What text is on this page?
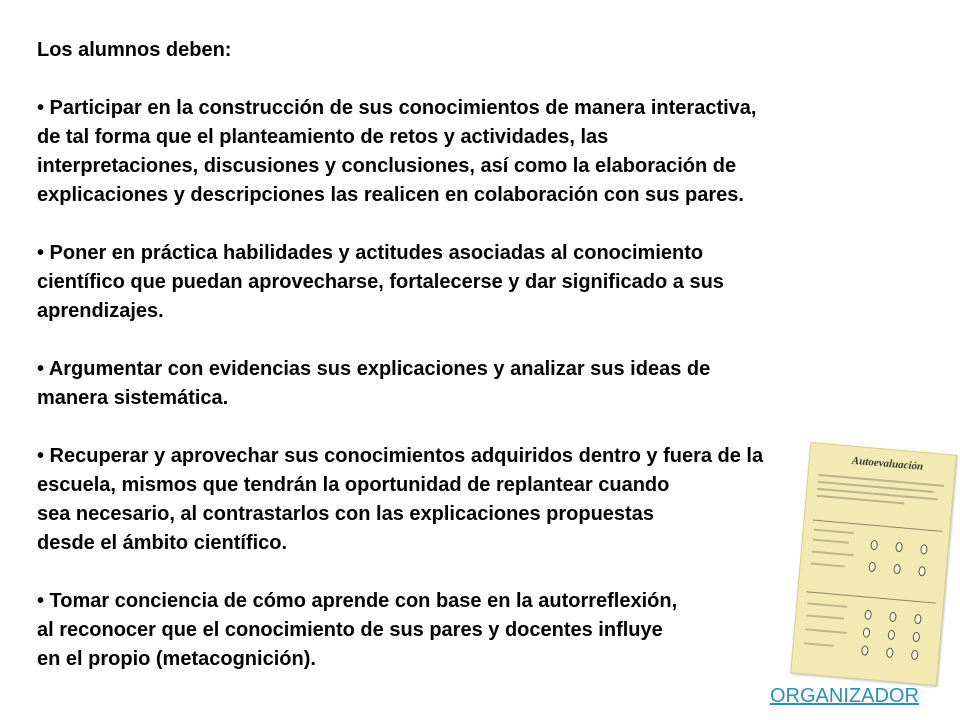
Autoevaluación

Los alumnos deben:

• Participar en la construcción de sus conocimientos de manera interactiva,
de tal forma que el planteamiento de retos y actividades, las
interpretaciones, discusiones y conclusiones, así como la elaboración de
explicaciones y descripciones las realicen en colaboración con sus pares.

• Poner en práctica habilidades y actitudes asociadas al conocimiento
científico que puedan aprovecharse, fortalecerse y dar significado a sus
aprendizajes.

• Argumentar con evidencias sus explicaciones y analizar sus ideas de
manera sistemática.

• Recuperar y aprovechar sus conocimientos adquiridos dentro y fuera de la
escuela, mismos que tendrán la oportunidad de replantear cuando
sea necesario, al contrastarlos con las explicaciones propuestas
desde el ámbito científico.

• Tomar conciencia de cómo aprende con base en la autorreflexión,
al reconocer que el conocimiento de sus pares y docentes influye
en el propio (metacognición).

ORGANIZADOR
